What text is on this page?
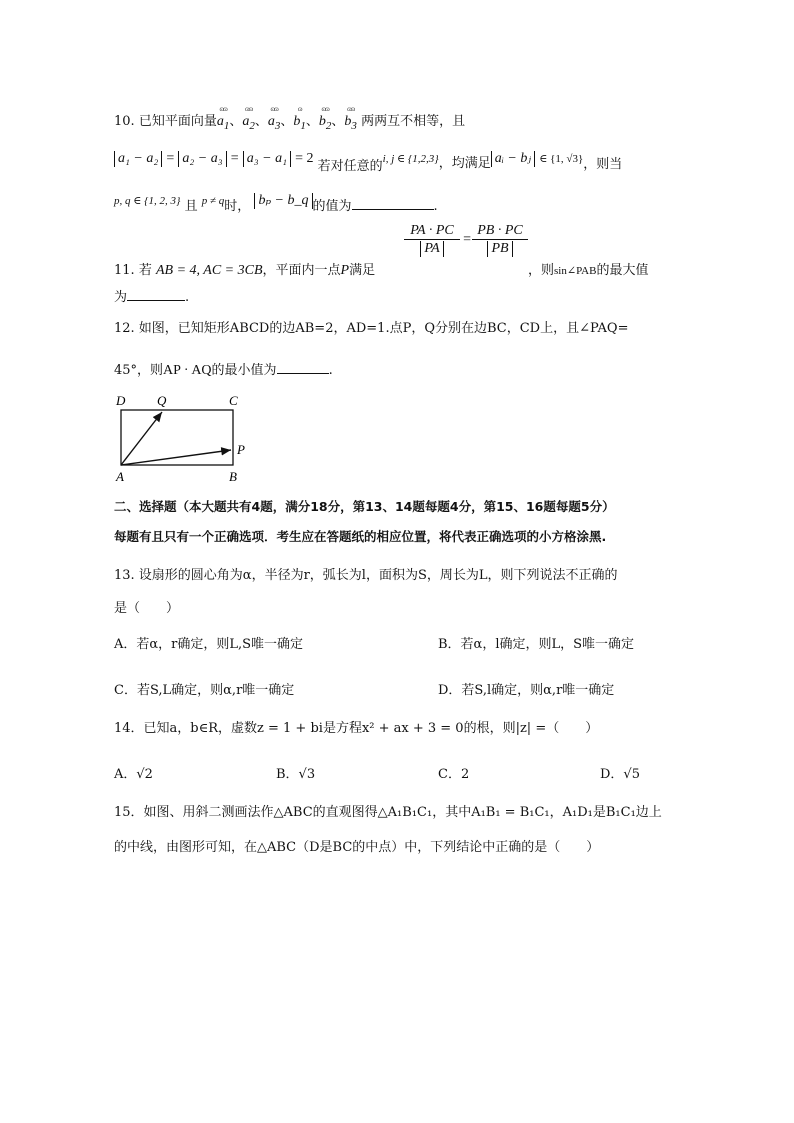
10. 已知平面向量
ɷɷ
$a_1$、
ɷɷ
$a_2$、
ɷɷ
$a_3$、
ɷ
$b_1$、
ɷɷ
$b_2$、
ɷɷ
$b_3$ 两两互不相等，且
a₁ − a₂ = a₂ − a₃ = a₃ − a₁ = 2 若对任意的i, j ∈ {1,2,3}，均满足 aᵢ − bⱼ ∈ {1, √3}，则当
p, q ∈ {1, 2, 3} 且 p ≠ q时， bₚ − b_q 的值为	.
$\frac{PA \cdot PC}{PA} = \frac{PB \cdot PC}{PB}$
11. 若 AB = 4, AC = 3CB，平面内一点P满足	，则sin∠PAB的最大值
为	.
12. 如图，已知矩形ABCD的边AB=2，AD=1.点P，Q分别在边BC，CD上，且∠PAQ=
45°，则AP · AQ的最小值为	.
D Q	C
P
A	B
二、选择题（本大题共有4题，满分18分，第13、14题每题4分，第15、16题每题5分）
每题有且只有一个正确选项．考生应在答题纸的相应位置，将代表正确选项的小方格涂黑.
13. 设扇形的圆心角为α，半径为r，弧长为l，面积为S，周长为L，则下列说法不正确的
是（　　）
A．若α，r确定，则L,S唯一确定	B．若α，l确定，则L，S唯一确定
C．若S,L确定，则α,r唯一确定	D．若S,l确定，则α,r唯一确定
14．已知a，b∈R，虚数z = 1 + bi是方程x² + ax + 3 = 0的根，则|z| =（　　）
A．√2	B．√3	C．2	D．√5
15．如图、用斜二测画法作△ABC的直观图得△A₁B₁C₁，其中A₁B₁ = B₁C₁，A₁D₁是B₁C₁边上
的中线，由图形可知，在△ABC（D是BC的中点）中，下列结论中正确的是（　　）
